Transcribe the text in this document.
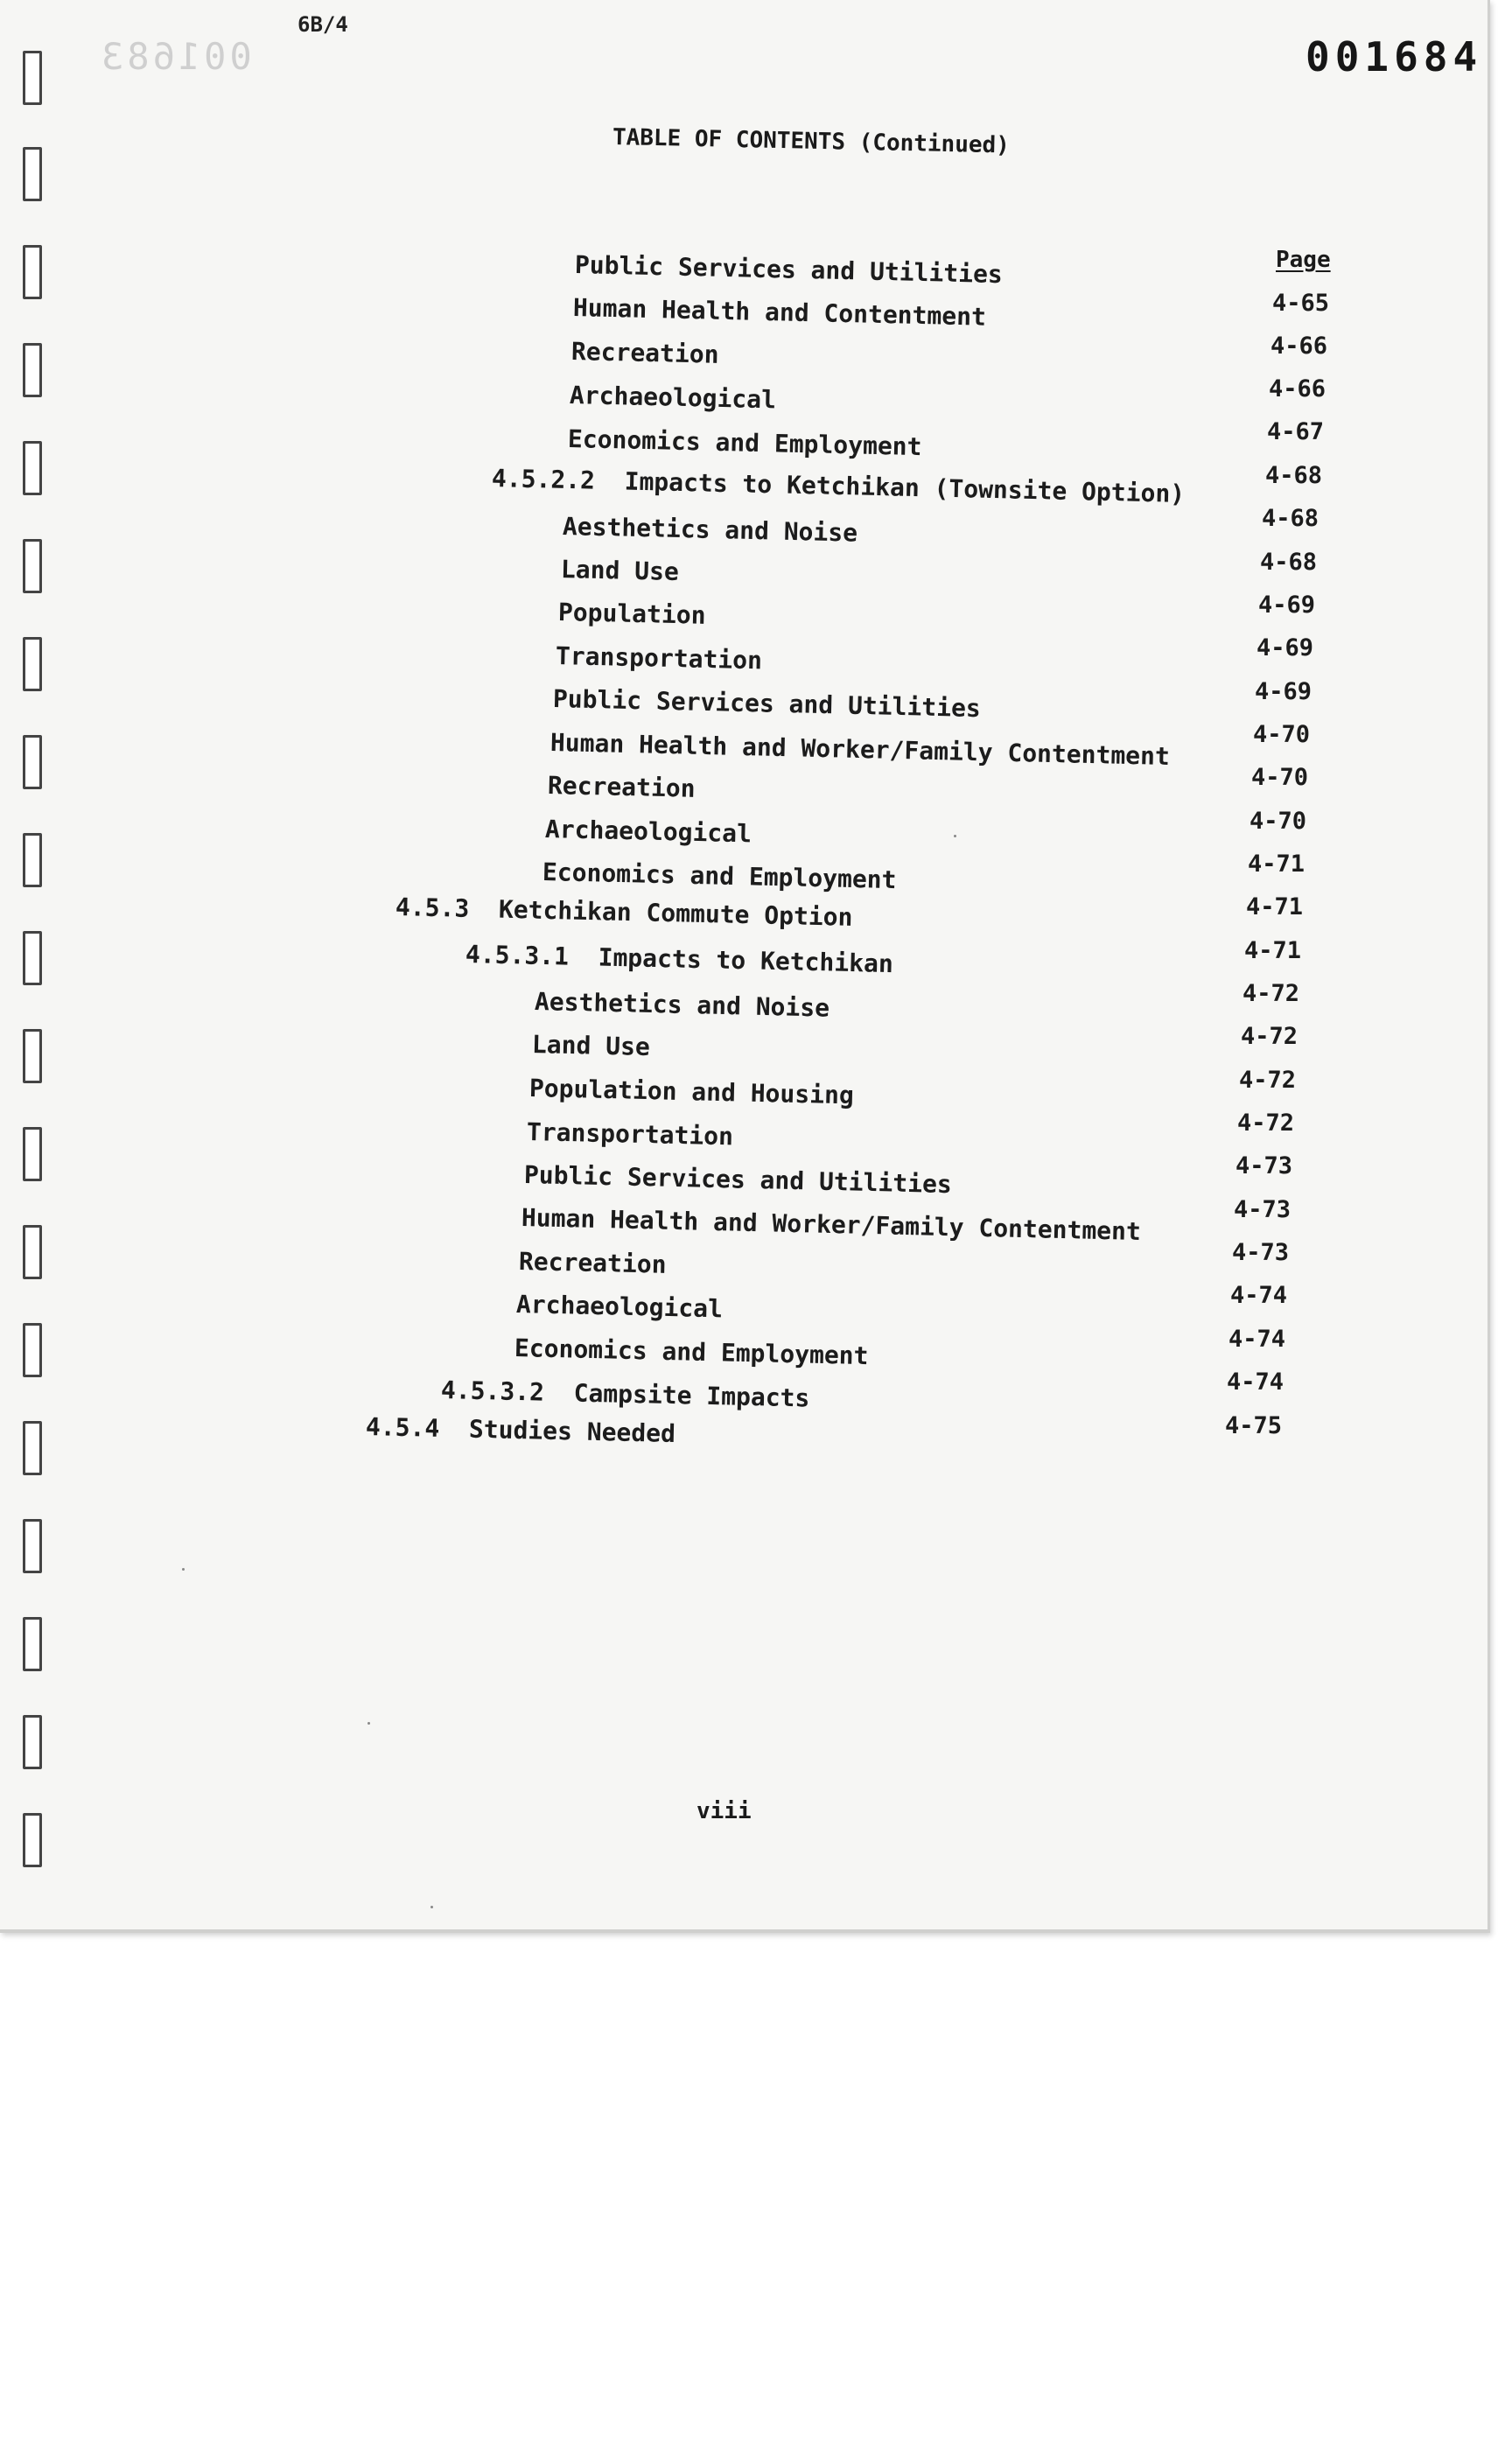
6B/4
001683	001684
TABLE OF CONTENTS (Continued)
Page
Public Services and Utilities
4-65
Human Health and Contentment
4-66
Recreation
4-66
Archaeological
4-67
Economics and Employment
4-68
4.5.2.2 Impacts to Ketchikan (Townsite Option)
4-68
Aesthetics and Noise
4-68
Land Use
4-69
Population
4-69
Transportation
4-69
Public Services and Utilities
4-70
Human Health and Worker/Family Contentment
4-70
Recreation
4-70
Archaeological
4-71
Economics and Employment
4-71
4.5.3 Ketchikan Commute Option
4-71
4.5.3.1 Impacts to Ketchikan
4-72
Aesthetics and Noise
4-72
Land Use
4-72
Population and Housing
4-72
Transportation
4-73
Public Services and Utilities
4-73
Human Health and Worker/Family Contentment
4-73
Recreation
4-74
Archaeological
4-74
Economics and Employment
4-74
4.5.3.2 Campsite Impacts
4-75
4.5.4 Studies Needed
viii
